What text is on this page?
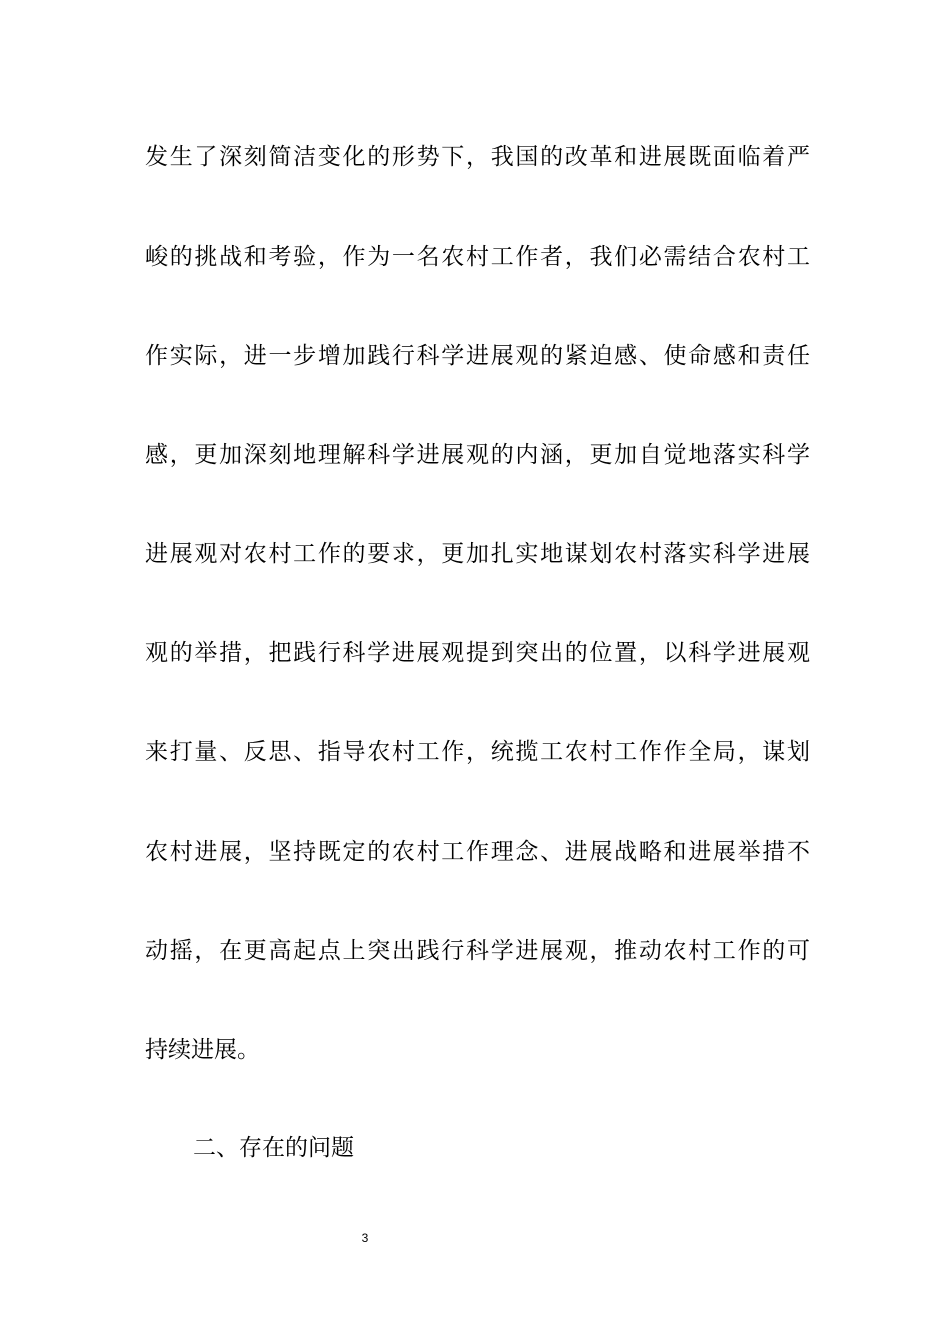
发生了深刻简洁变化的形势下，我国的改革和进展既面临着严
峻的挑战和考验，作为一名农村工作者，我们必需结合农村工
作实际，进一步增加践行科学进展观的紧迫感、使命感和责任
感，更加深刻地理解科学进展观的内涵，更加自觉地落实科学
进展观对农村工作的要求，更加扎实地谋划农村落实科学进展
观的举措，把践行科学进展观提到突出的位置，以科学进展观
来打量、反思、指导农村工作，统揽工农村工作作全局，谋划
农村进展，坚持既定的农村工作理念、进展战略和进展举措不
动摇，在更高起点上突出践行科学进展观，推动农村工作的可
持续进展。
二、存在的问题
3
